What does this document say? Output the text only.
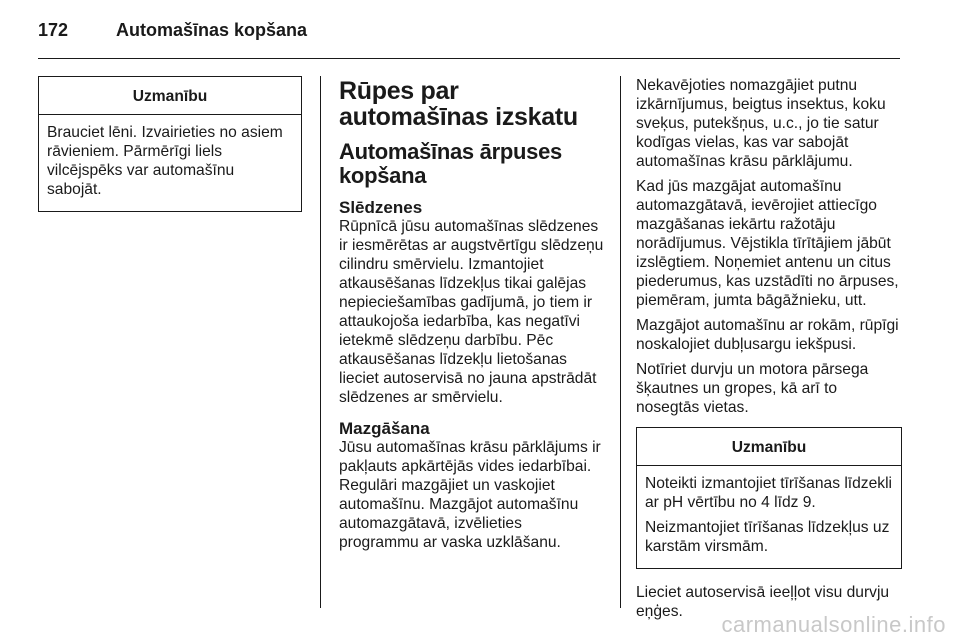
172	Automašīnas kopšana
Uzmanību

Brauciet lēni. Izvairieties no asiem rāvieniem. Pārmērīgi liels vilcējspēks var automašīnu sabojāt.

Rūpes par automašīnas izskatu
Automašīnas ārpuses kopšana
Slēdzenes

Rūpnīcā jūsu automašīnas slēdzenes ir iesmērētas ar augstvērtīgu slēdzeņu cilindru smērvielu. Izmantojiet atkausēšanas līdzekļus tikai galējas nepieciešamības gadījumā, jo tiem ir attaukojoša iedarbība, kas negatīvi ietekmē slēdzeņu darbību. Pēc atkausēšanas līdzekļu lietošanas lieciet autoservisā no jauna apstrādāt slēdzenes ar smērvielu.

Mazgāšana

Jūsu automašīnas krāsu pārklājums ir pakļauts apkārtējās vides iedarbībai. Regulāri mazgājiet un vaskojiet automašīnu. Mazgājot automašīnu automazgātavā, izvēlieties programmu ar vaska uzklāšanu.

Nekavējoties nomazgājiet putnu izkārnījumus, beigtus insektus, koku sveķus, putekšņus, u.c., jo tie satur kodīgas vielas, kas var sabojāt automašīnas krāsu pārklājumu.

Kad jūs mazgājat automašīnu automazgātavā, ievērojiet attiecīgo mazgāšanas iekārtu ražotāju norādījumus. Vējstikla tīrītājiem jābūt izslēgtiem. Noņemiet antenu un citus piederumus, kas uzstādīti no ārpuses, piemēram, jumta bāgāžnieku, utt.

Mazgājot automašīnu ar rokām, rūpīgi noskalojiet dubļusargu iekšpusi.

Notīriet durvju un motora pārsega šķautnes un gropes, kā arī to nosegtās vietas.

Uzmanību

Noteikti izmantojiet tīrīšanas līdzekli ar pH vērtību no 4 līdz 9.

Neizmantojiet tīrīšanas līdzekļus uz karstām virsmām.

Lieciet autoservisā ieeļļot visu durvju eņģes.

carmanualsonline.info
